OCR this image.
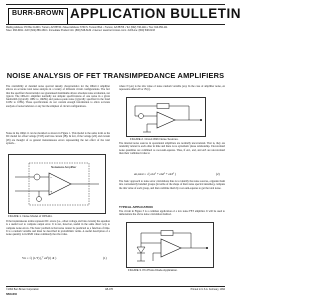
BURR-BROWN APPLICATION BULLETIN
Mailing Address: PO Box 11400 • Tucson, AZ 85734 • Street Address: 6730 S. Tucson Blvd. • Tucson, AZ 85706 • Tel: (602) 746-1111 • Twx: 910-952-111
Telex: 066-6491 • FAX (602) 889-1510 • Immediate Product Info: (800) 548-6132 • Internet: www.burr-brown.com/ • FAXLine: (800) 548-6133
NOISE ANALYSIS OF FET TRANSIMPEDANCE AMPLIFIERS
The availability of detailed noise spectral density characteristics for the OPA111 amplifier allows an accurate total noise analysis in a variety of different circuit configurations. The fact that the specified characteristics are guaranteed maximums allows absolute noise evaluation, not typical. The OPA111 amplifier normally not simpler specifications of one noise in a given bandwidth (typically 10Hz to 10kHz) and peak-to-peak noise (typically specified in the band 0.1Hz to 10Hz). These specifications do not contain enough information to allow accurate analysis of noise behavior or any but the simplest of circuit configurations.
Noise in the OPA111 can be modeled as shown in Figure 1. This model is the same form as the DC model for offset voltage (VOS) and bias current (IB). In fact, if the voltage (eN) and current (iN) are thought of as general instantaneous errors representing the net effect of the total system...
Noiseless Amplifier
−
+
FIGURE 1. Noise Model of OPA111.
If the instantaneous terms represent DC errors (i.e., offset voltage and bias current) the equation is a useful tool to compute output error. It is not, however, useful in the same direct way to compute noise errors. The basic problem is that noise cannot be predicted as a function of time. It is a random variable and must be described in probabilistic terms. A useful description of a noise quantity is its RMS value commonly the rms value.
Vn = √( (1/T) ∫₀ᵀ en²(t) dt )	(1)
where N (en) is the rms value of noise random variable (en). In the case of amplifier noise, en represents either eN or iN (t).
FIGURE 2. Circuit With Noise Sources.
The internal noise sources in operational amplifiers are normally uncorrelated. That is, they are randomly related to each other in time and there is no systematic phase relationship. Uncorrelated noise quantities are combined as root-sum-squares. Thus, if en1, en2, and en3 are uncorrelated then their combined value is:
en,total = √( en1² + en2² + en3² )	(2)
The basic approach to noise error calculations thus is to identify the noise sources, organize them into conveniently handled groups (in terms of the shape of their noise spectral densities), compute the rms value of each group, and then combine them by root-sum-squares to get the total noise.
TYPICAL APPLICATION
The circuit in Figure 3 is a common application of a low noise FET amplifier. It will be used to demonstrate the above noise calculation method.
FIGURE 3. Pin Photo Diode Application.
©1994 Burr-Brown Corporation	AB-076	Printed in U.S.A. February, 1994
SBOA060
